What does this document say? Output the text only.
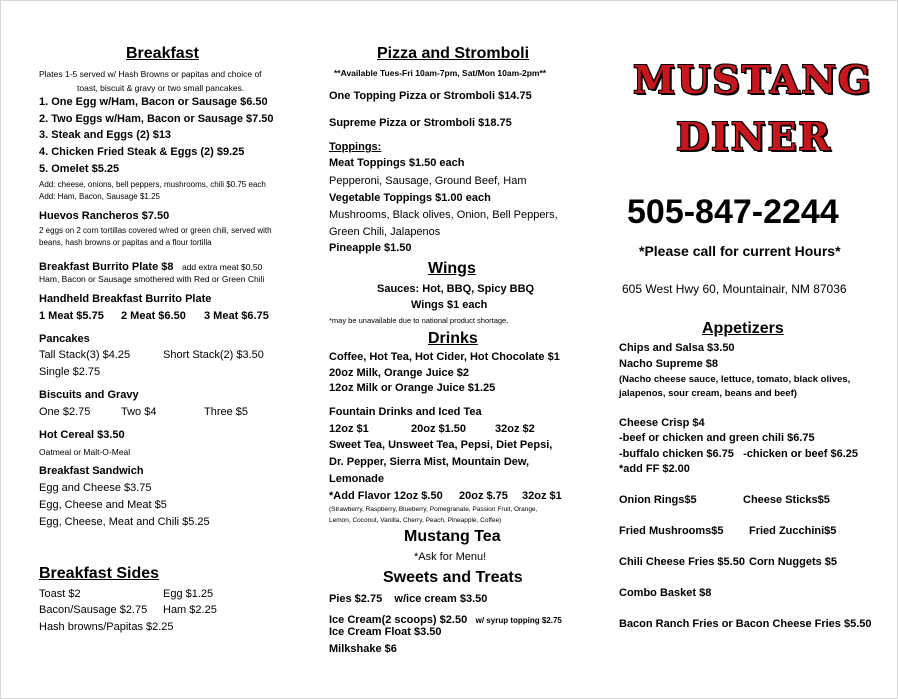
Breakfast
Plates 1-5 served w/ Hash Browns or papitas and choice of
toast, biscuit & gravy or two small pancakes.
1. One Egg w/Ham, Bacon or Sausage $6.50
2. Two Eggs w/Ham, Bacon or Sausage $7.50
3. Steak and Eggs (2) $13
4. Chicken Fried Steak & Eggs (2) $9.25
5. Omelet $5.25
Add: cheese, onions, bell peppers, mushrooms, chili $0.75 each
Add: Ham, Bacon, Sausage $1.25
Huevos Rancheros $7.50
2 eggs on 2 corn tortillas covered w/red or green chili, served with
beans, hash browns or papitas and a flour tortilla
Breakfast Burrito Plate $8 add extra meat $0.50
Ham, Bacon or Sausage smothered with Red or Green Chili
Handheld Breakfast Burrito Plate
1 Meat $5.75 2 Meat $6.50 3 Meat $6.75
Pancakes
Tall Stack(3) $4.25	Short Stack(2) $3.50
Single $2.75
Biscuits and Gravy
One $2.75	Two $4	Three $5
Hot Cereal $3.50
Oatmeal or Malt-O-Meal
Breakfast Sandwich
Egg and Cheese $3.75
Egg, Cheese and Meat $5
Egg, Cheese, Meat and Chili $5.25
Breakfast Sides
Toast $2	Egg $1.25
Bacon/Sausage $2.75 Ham $2.25
Hash browns/Papitas $2.25
Pizza and Stromboli
**Available Tues-Fri 10am-7pm, Sat/Mon 10am-2pm**
One Topping Pizza or Stromboli $14.75
Supreme Pizza or Stromboli $18.75
Toppings:
Meat Toppings $1.50 each
Pepperoni, Sausage, Ground Beef, Ham
Vegetable Toppings $1.00 each
Mushrooms, Black olives, Onion, Bell Peppers,
Green Chili, Jalapenos
Pineapple $1.50
Wings
Sauces: Hot, BBQ, Spicy BBQ
Wings $1 each
*may be unavailable due to national product shortage.
Drinks
Coffee, Hot Tea, Hot Cider, Hot Chocolate $1
20oz Milk, Orange Juice $2
12oz Milk or Orange Juice $1.25
Fountain Drinks and Iced Tea
12oz $1	20oz $1.50	32oz $2
Sweet Tea, Unsweet Tea, Pepsi, Diet Pepsi,
Dr. Pepper, Sierra Mist, Mountain Dew,
Lemonade
*Add Flavor 12oz $.50 20oz $.75 32oz $1
(Strawberry, Raspberry, Blueberry, Pomegranate, Passion Fruit, Orange,
Lemon, Coconut, Vanilla, Cherry, Peach, Pineapple, Coffee)
Mustang Tea
*Ask for Menu!
Sweets and Treats
Pies $2.75    w/ice cream $3.50
Ice Cream(2 scoops) $2.50 w/ syrup topping $2.75
Ice Cream Float $3.50
Milkshake $6
MUSTANG
DINER
505-847-2244
*Please call for current Hours*
605 West Hwy 60, Mountainair, NM 87036
Appetizers
Chips and Salsa $3.50
Nacho Supreme $8
(Nacho cheese sauce, lettuce, tomato, black olives,
jalapenos, sour cream, beans and beef)
Cheese Crisp $4
-beef or chicken and green chili $6.75
-buffalo chicken $6.75   -chicken or beef $6.25
*add FF $2.00
Onion Rings$5	Cheese Sticks$5
Fried Mushrooms$5 Fried Zucchini$5
Chili Cheese Fries $5.50 Corn Nuggets $5
Combo Basket $8
Bacon Ranch Fries or Bacon Cheese Fries $5.50
